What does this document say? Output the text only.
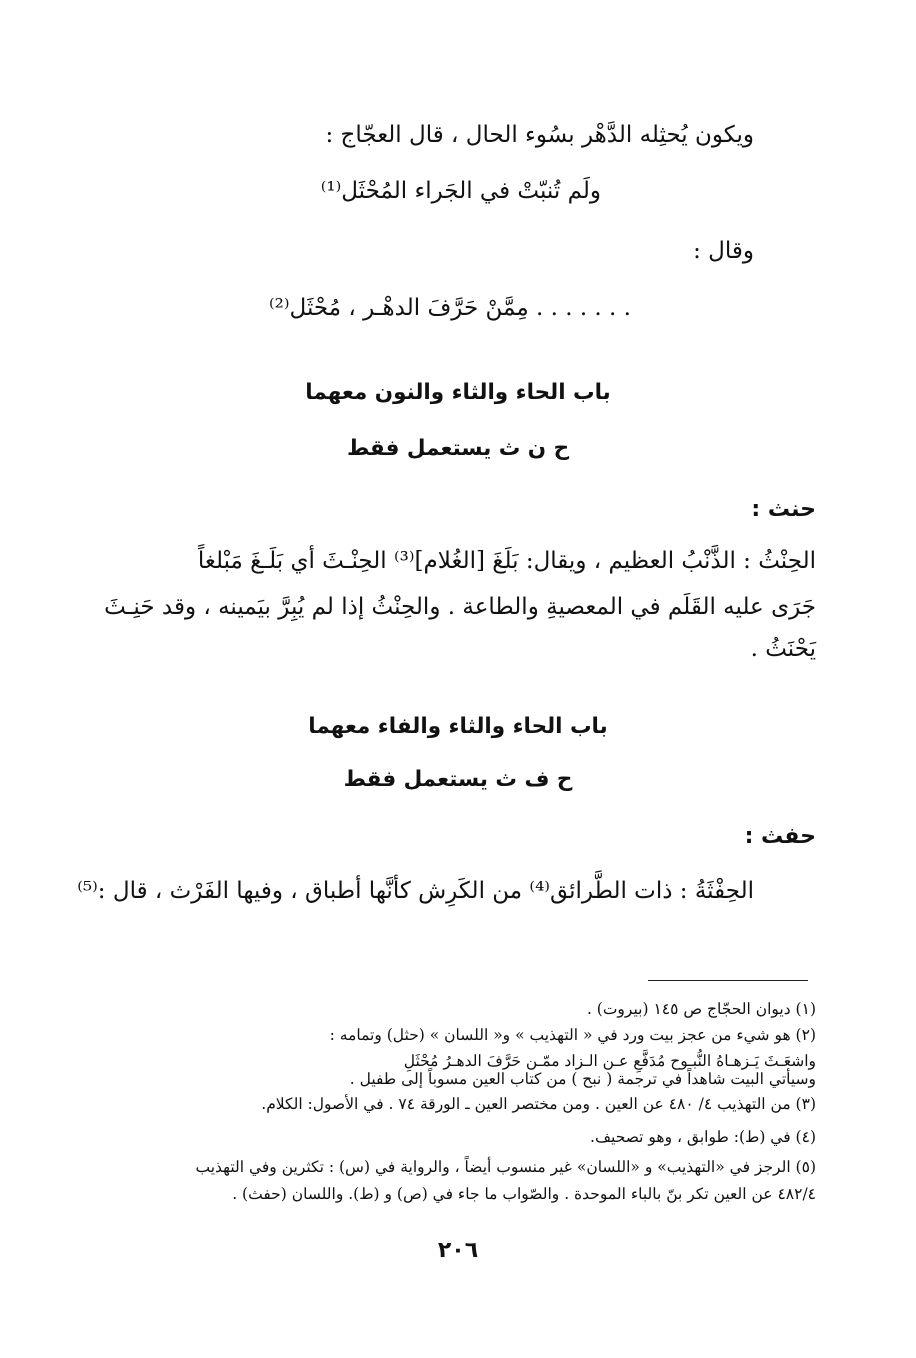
ويكون يُحثِله الدَّهْر بسُوء الحال ، قال العجّاج :
ولَم تُنبّتْ في الجَراء المُحْثَل⁽¹⁾
وقال :
. . . . . . . مِمَّنْ حَرَّفَ الدهْـر ، مُحْثَل⁽²⁾
باب الحاء والثاء والنون معهما
ح ن ث يستعمل فقط
حنث :
الحِنْثُ : الذَّنْبُ العظيم ، ويقال: بَلَغَ [الغُلام]⁽³⁾ الحِنْـثَ أي بَلَـغَ مَبْلغاً
جَرَى عليه القَلَم في المعصيةِ والطاعة . والحِنْثُ إذا لم يُبِرَّ بيَمينه ، وقد حَنِـثَ
يَحْنَثُ .
باب الحاء والثاء والفاء معهما
ح ف ث يستعمل فقط
حفث :
الحِفْثَةُ : ذات الطَّرائق⁽⁴⁾ من الكَرِش كأنَّها أطباق ، وفيها الفَرْث ، قال :⁽⁵⁾
(١) ديوان الحجّاج ص ١٤٥ (بيروت) .
(٢) هو شيء من عجز بيت ورد في « التهذيب » و« اللسان » (حثل) وتمامه :
واشعَـثَ يَـزهـاهُ النُّبـوح مُدَفَّعِ عـن الـزاد ممّـن حَرَّفَ الدهـرُ مُحْثَلِ
وسيأتي البيت شاهداً في ترجمة ( نبح ) من كتاب العين مسوباً إلى طفيل .
(٣) من التهذيب ٤/ ٤٨٠ عن العين . ومن مختصر العين ـ الورقة ٧٤ . في الأصول: الكلام.
(٤) في (ط): طوابق ، وهو تصحيف.
(٥) الرجز في «التهذيب» و «اللسان» غير منسوب أيضاً ، والرواية في (س) : تكثرين وفي التهذيب
٤٨٢/٤ عن العين تكر بنّ بالباء الموحدة . والصّواب ما جاء في (ص) و (ط). واللسان (حفث) .
٢٠٦
